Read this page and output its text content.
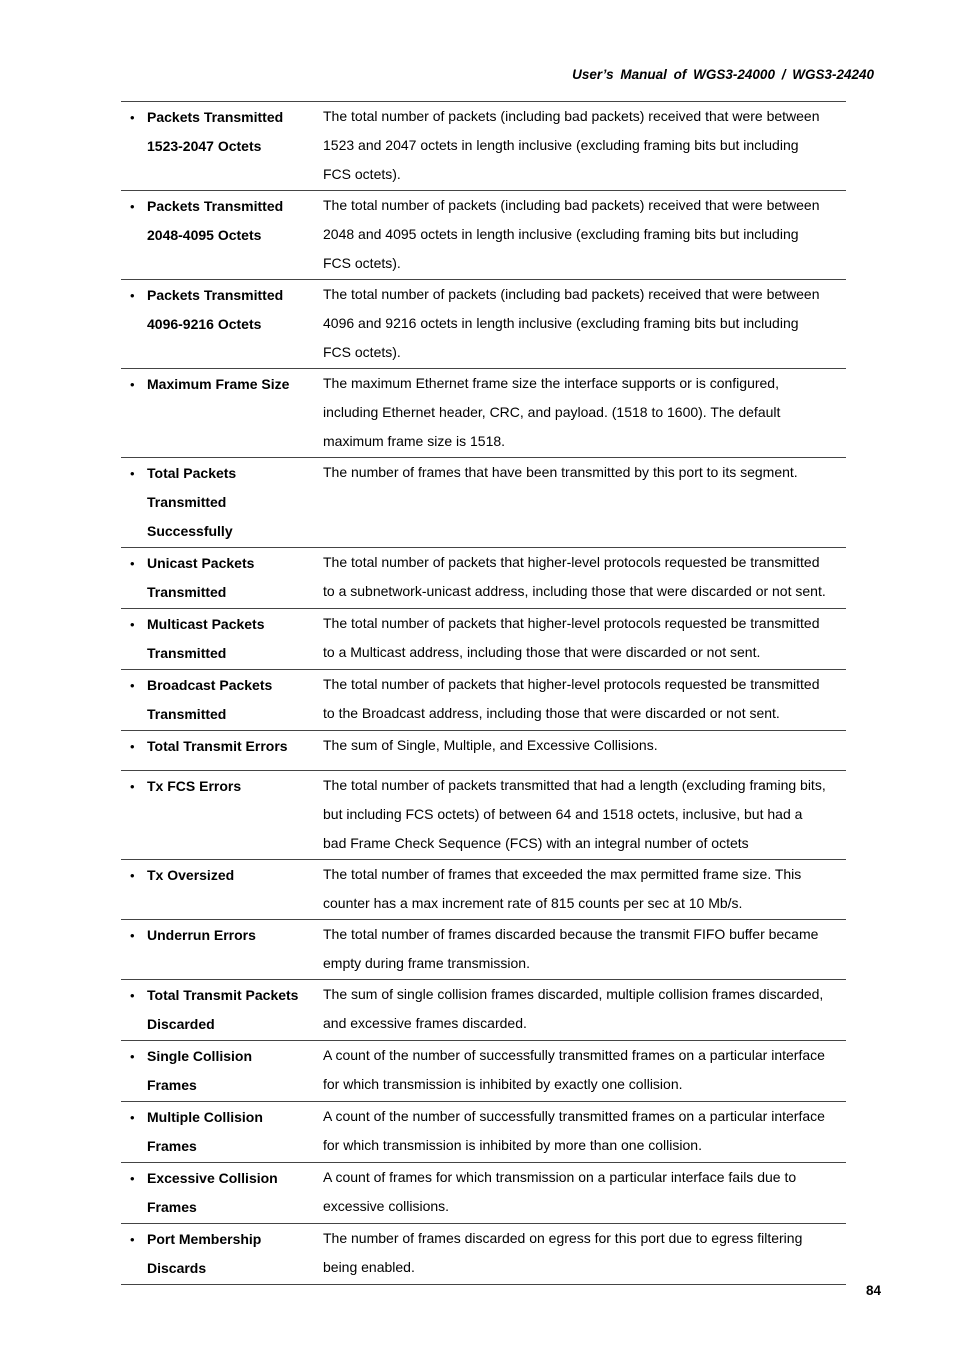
User’s Manual of WGS3-24000 / WGS3-24240
• Packets Transmitted
1523-2047 Octets	The total number of packets (including bad packets) received that were between
1523 and 2047 octets in length inclusive (excluding framing bits but including
FCS octets).

• Packets Transmitted
2048-4095 Octets	The total number of packets (including bad packets) received that were between
2048 and 4095 octets in length inclusive (excluding framing bits but including
FCS octets).

• Packets Transmitted
4096-9216 Octets	The total number of packets (including bad packets) received that were between
4096 and 9216 octets in length inclusive (excluding framing bits but including
FCS octets).

• Maximum Frame Size	The maximum Ethernet frame size the interface supports or is configured,
including Ethernet header, CRC, and payload. (1518 to 1600). The default
maximum frame size is 1518.

• Total Packets
Transmitted
Successfully	The number of frames that have been transmitted by this port to its segment.

• Unicast Packets
Transmitted	The total number of packets that higher-level protocols requested be transmitted
to a subnetwork-unicast address, including those that were discarded or not sent.

• Multicast Packets
Transmitted	The total number of packets that higher-level protocols requested be transmitted
to a Multicast address, including those that were discarded or not sent.

• Broadcast Packets
Transmitted	The total number of packets that higher-level protocols requested be transmitted
to the Broadcast address, including those that were discarded or not sent.

• Total Transmit Errors	The sum of Single, Multiple, and Excessive Collisions.

• Tx FCS Errors	The total number of packets transmitted that had a length (excluding framing bits,
but including FCS octets) of between 64 and 1518 octets, inclusive, but had a
bad Frame Check Sequence (FCS) with an integral number of octets

• Tx Oversized	The total number of frames that exceeded the max permitted frame size. This
counter has a max increment rate of 815 counts per sec at 10 Mb/s.

• Underrun Errors	The total number of frames discarded because the transmit FIFO buffer became
empty during frame transmission.

• Total Transmit Packets
Discarded	The sum of single collision frames discarded, multiple collision frames discarded,
and excessive frames discarded.

• Single Collision
Frames	A count of the number of successfully transmitted frames on a particular interface
for which transmission is inhibited by exactly one collision.

• Multiple Collision
Frames	A count of the number of successfully transmitted frames on a particular interface
for which transmission is inhibited by more than one collision.

• Excessive Collision
Frames	A count of frames for which transmission on a particular interface fails due to
excessive collisions.

• Port Membership
Discards	The number of frames discarded on egress for this port due to egress filtering
being enabled.
84
